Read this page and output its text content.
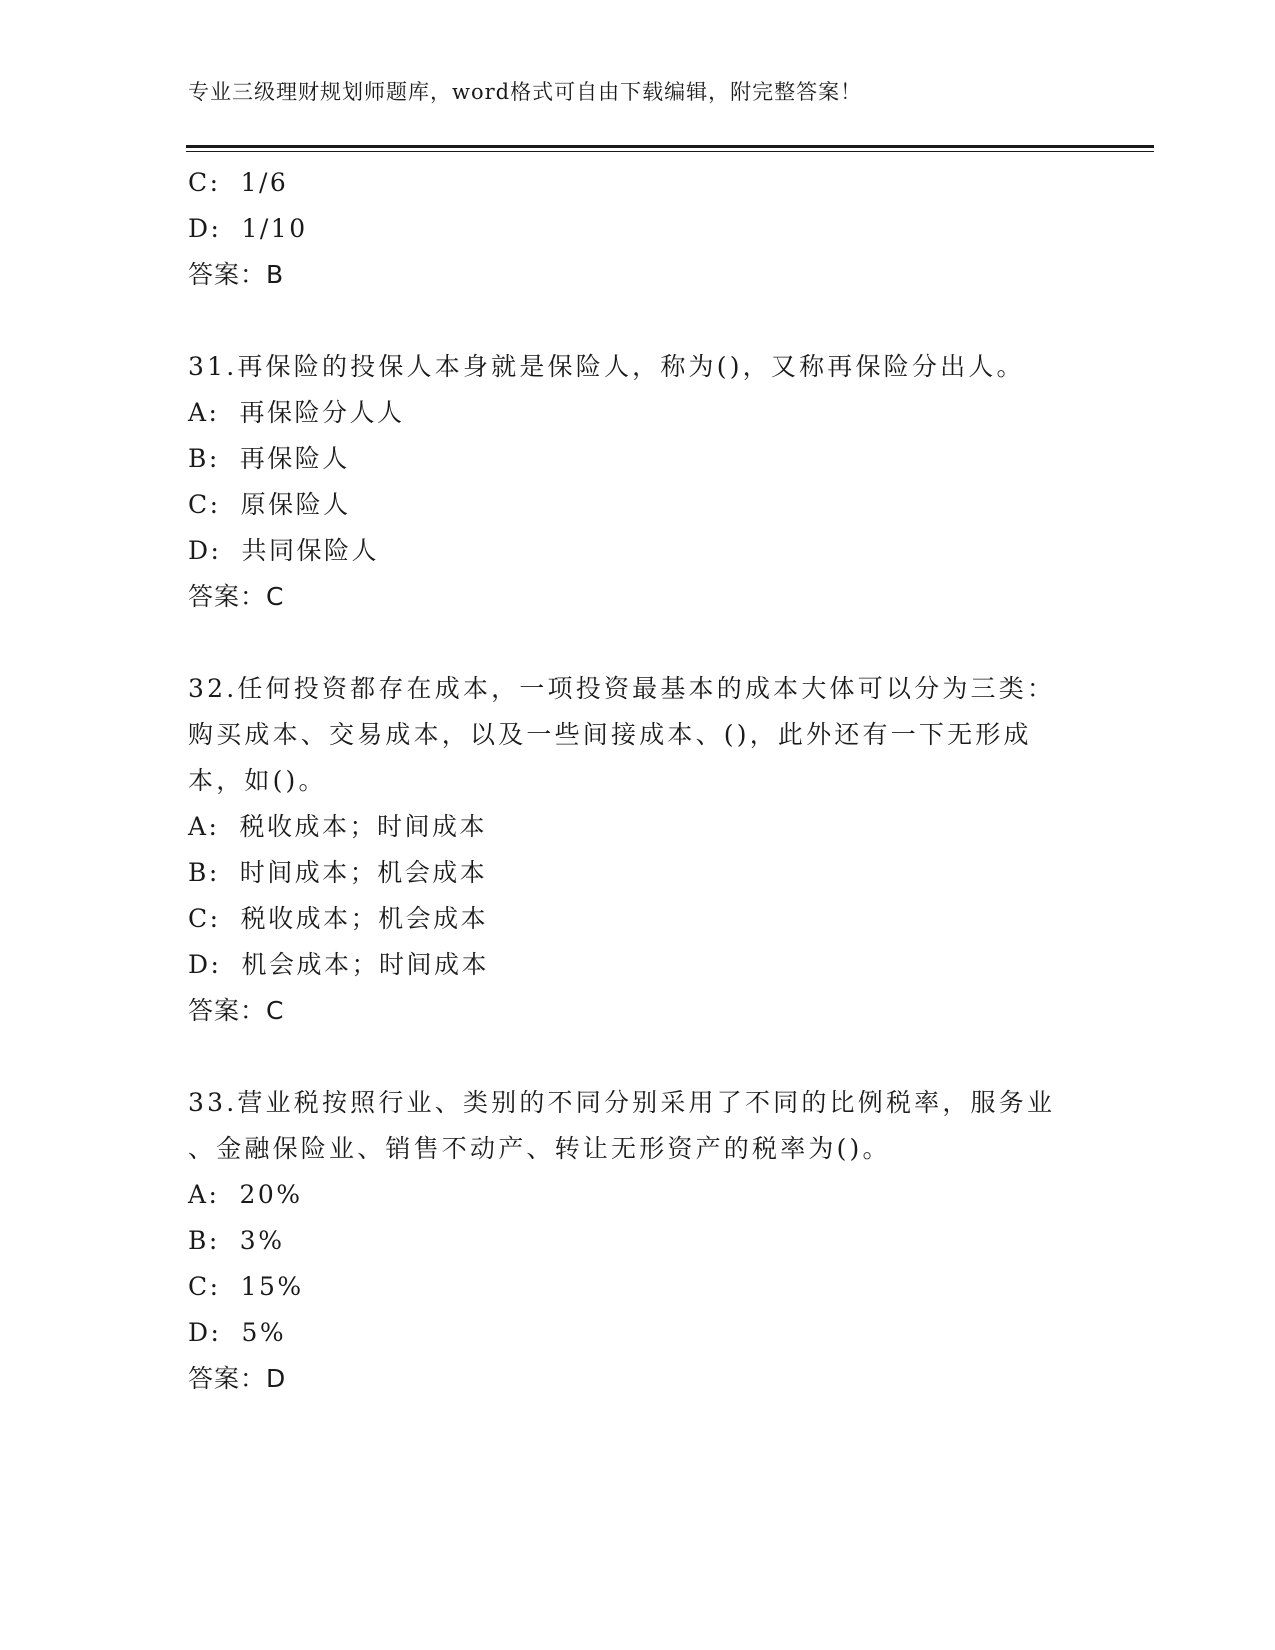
专业三级理财规划师题库，word格式可自由下载编辑，附完整答案！
C: 1/6
D: 1/10
答案：B
31.再保险的投保人本身就是保险人，称为()，又称再保险分出人。
A: 再保险分人人
B: 再保险人
C: 原保险人
D: 共同保险人
答案：C
32.任何投资都存在成本，一项投资最基本的成本大体可以分为三类：
购买成本、交易成本，以及一些间接成本、()，此外还有一下无形成
本，如()。
A: 税收成本；时间成本
B: 时间成本；机会成本
C: 税收成本；机会成本
D: 机会成本；时间成本
答案：C
33.营业税按照行业、类别的不同分别采用了不同的比例税率，服务业
、金融保险业、销售不动产、转让无形资产的税率为()。
A: 20%
B: 3%
C: 15%
D: 5%
答案：D
